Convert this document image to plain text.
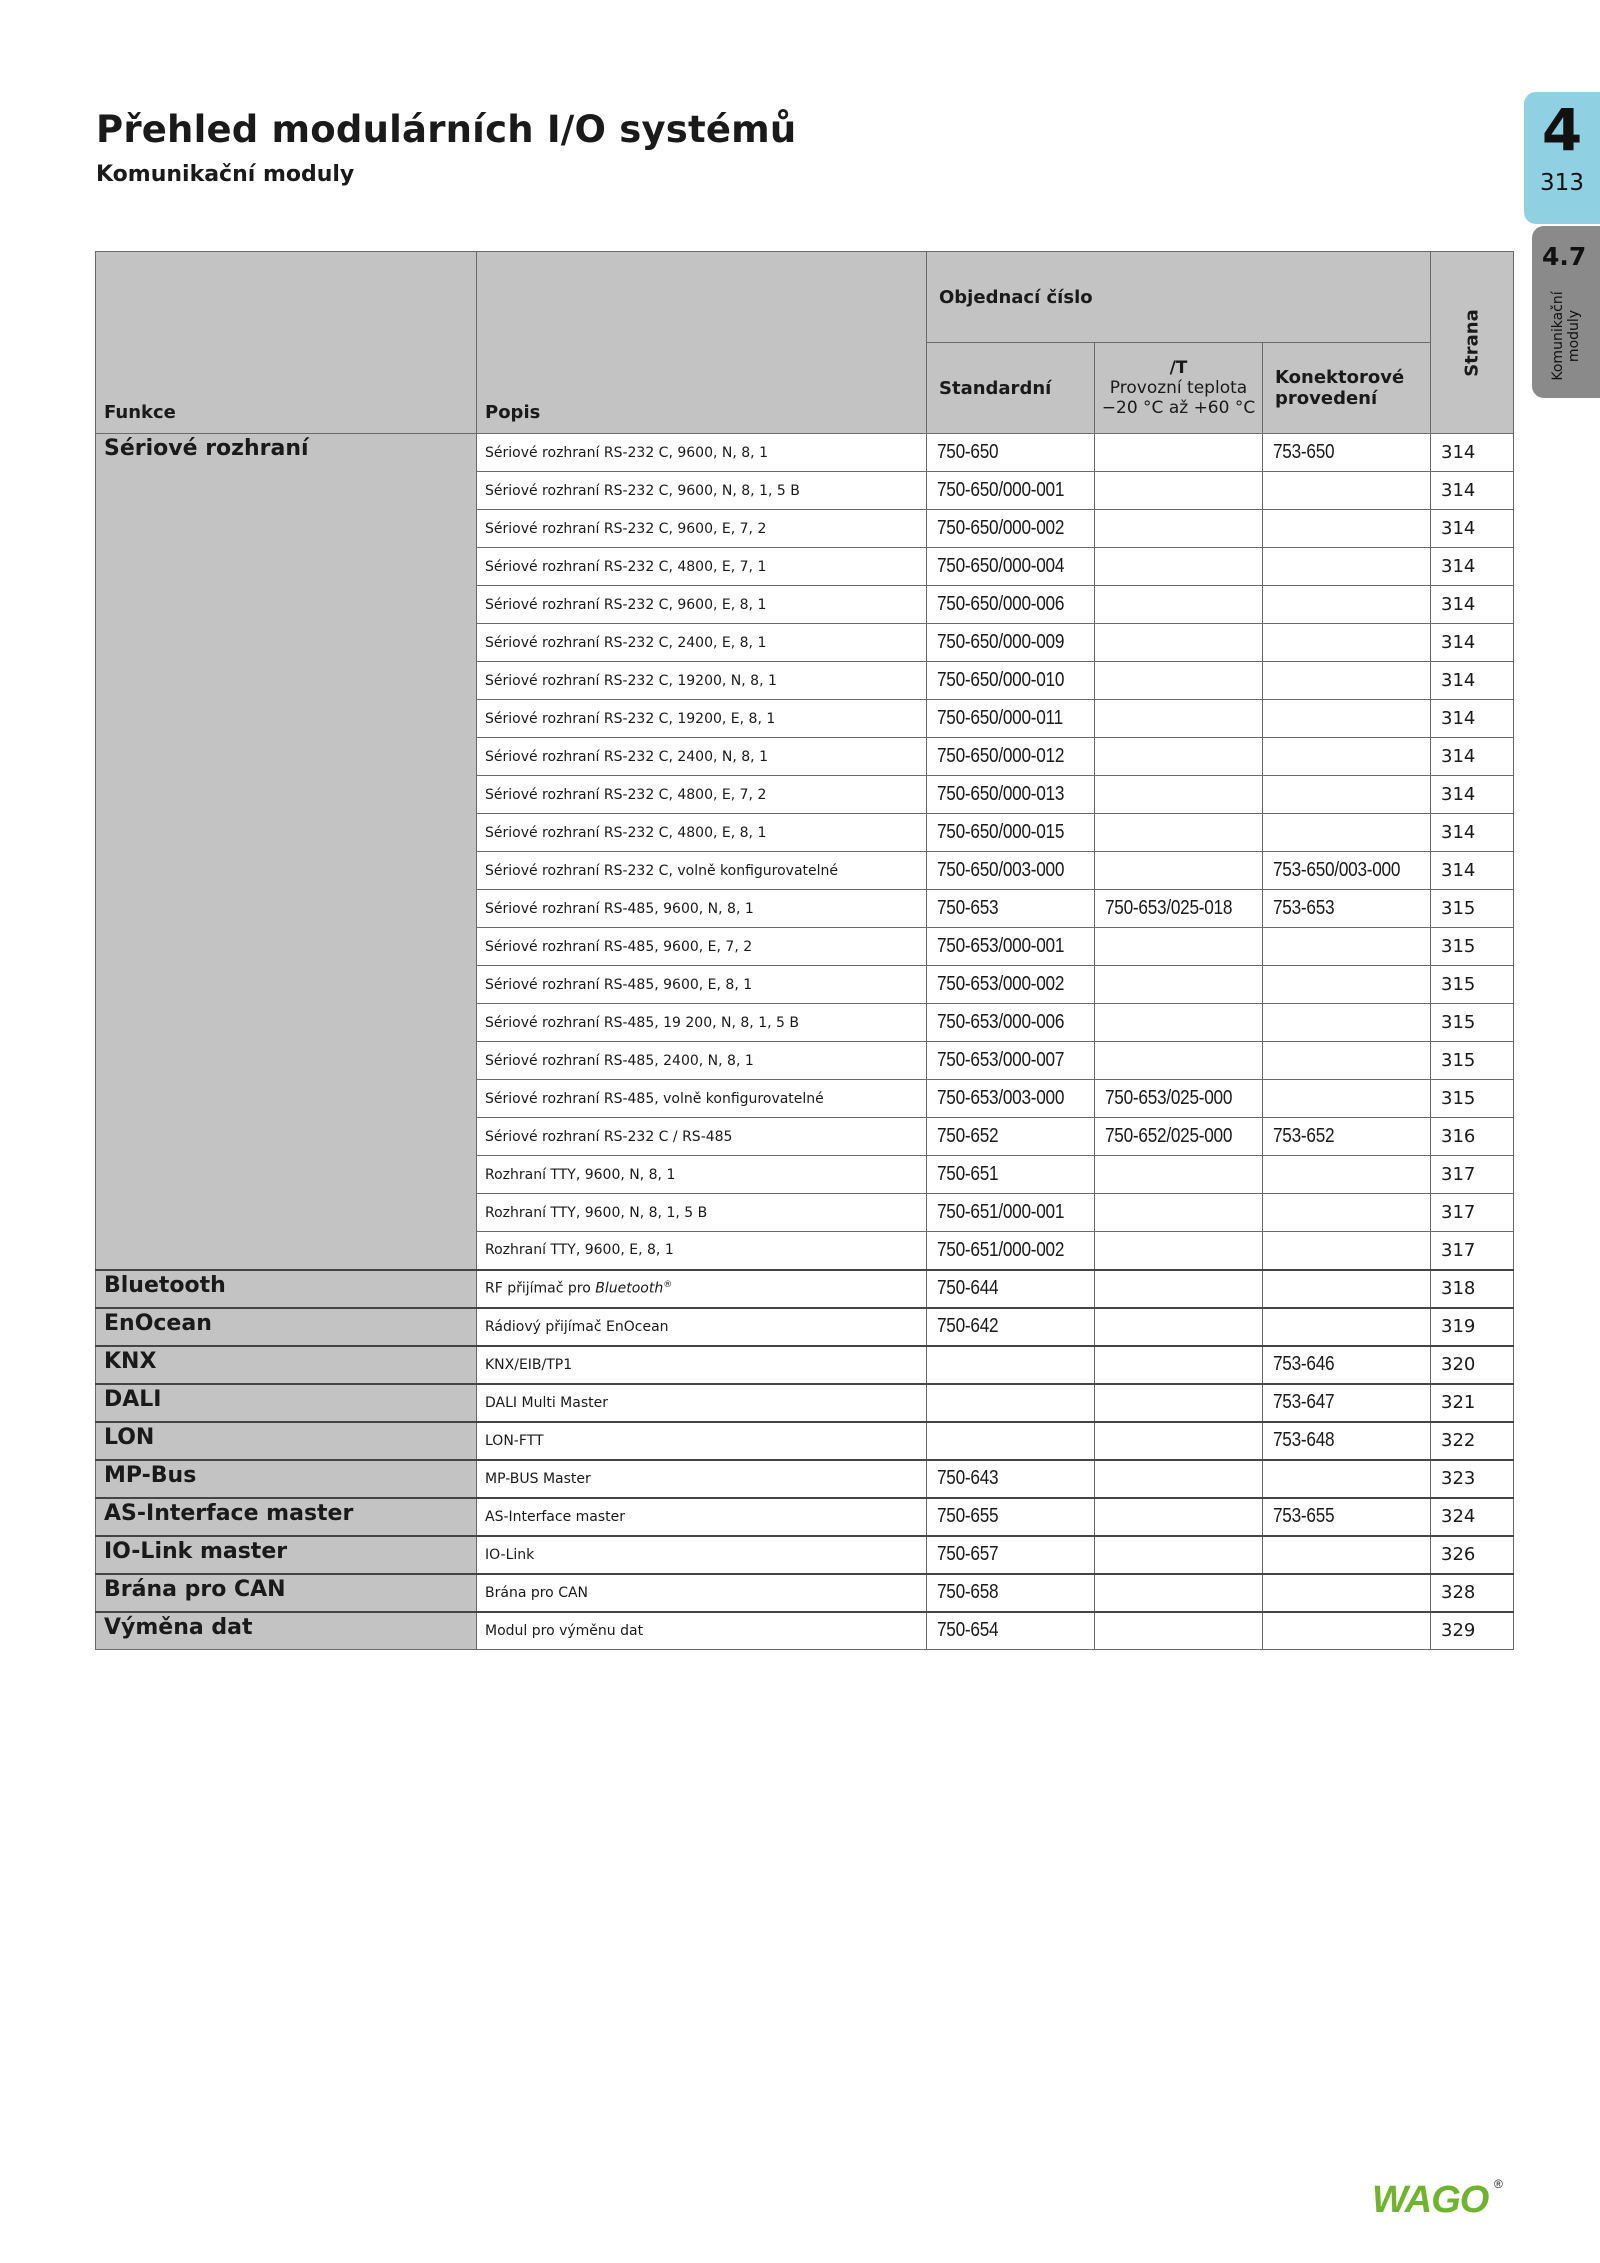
Přehled modulárních I/O systémů
Komunikační moduly
4
313
4.7
Komunikační
moduly
Funkce	Popis	Objednací číslo			Strana

		Standardní	/T
Provozní teplota
−20 °C až +60 °C	Konektorové provedení	
Sériové rozhraní	Sériové rozhraní RS-232 C, 9600, N, 8, 1	750-650		753-650	314
	Sériové rozhraní RS-232 C, 9600, N, 8, 1, 5 B	750-650/000-001			314
	Sériové rozhraní RS-232 C, 9600, E, 7, 2	750-650/000-002			314
	Sériové rozhraní RS-232 C, 4800, E, 7, 1	750-650/000-004			314
	Sériové rozhraní RS-232 C, 9600, E, 8, 1	750-650/000-006			314
	Sériové rozhraní RS-232 C, 2400, E, 8, 1	750-650/000-009			314
	Sériové rozhraní RS-232 C, 19200, N, 8, 1	750-650/000-010			314
	Sériové rozhraní RS-232 C, 19200, E, 8, 1	750-650/000-011			314
	Sériové rozhraní RS-232 C, 2400, N, 8, 1	750-650/000-012			314
	Sériové rozhraní RS-232 C, 4800, E, 7, 2	750-650/000-013			314
	Sériové rozhraní RS-232 C, 4800, E, 8, 1	750-650/000-015			314
	Sériové rozhraní RS-232 C, volně konfigurovatelné	750-650/003-000		753-650/003-000	314
	Sériové rozhraní RS-485, 9600, N, 8, 1	750-653	750-653/025-018	753-653	315
	Sériové rozhraní RS-485, 9600, E, 7, 2	750-653/000-001			315
	Sériové rozhraní RS-485, 9600, E, 8, 1	750-653/000-002			315
	Sériové rozhraní RS-485, 19 200, N, 8, 1, 5 B	750-653/000-006			315
	Sériové rozhraní RS-485, 2400, N, 8, 1	750-653/000-007			315
	Sériové rozhraní RS-485, volně konfigurovatelné	750-653/003-000	750-653/025-000		315
	Sériové rozhraní RS-232 C / RS-485	750-652	750-652/025-000	753-652	316
	Rozhraní TTY, 9600, N, 8, 1	750-651			317
	Rozhraní TTY, 9600, N, 8, 1, 5 B	750-651/000-001			317
	Rozhraní TTY, 9600, E, 8, 1	750-651/000-002			317
Bluetooth	RF přijímač pro Bluetooth®	750-644			318
EnOcean	Rádiový přijímač EnOcean	750-642			319
KNX	KNX/EIB/TP1			753-646	320
DALI	DALI Multi Master			753-647	321
LON	LON-FTT			753-648	322
MP-Bus	MP-BUS Master	750-643			323
AS-Interface master	AS-Interface master	750-655		753-655	324
IO-Link master	IO-Link	750-657			326
Brána pro CAN	Brána pro CAN	750-658			328
Výměna dat	Modul pro výměnu dat	750-654			329
WAGO ®
